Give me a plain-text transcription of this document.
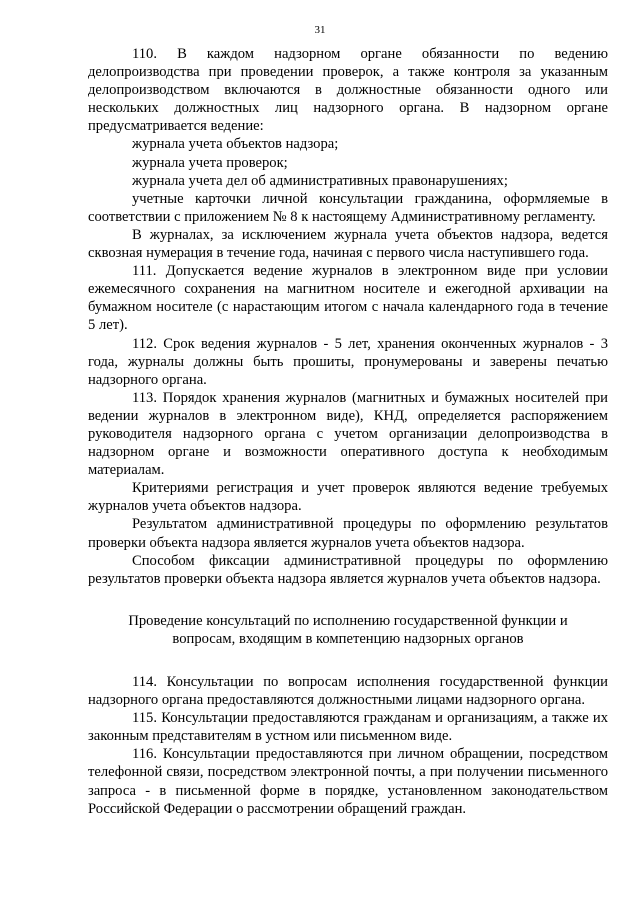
31

110. В каждом надзорном органе обязанности по ведению делопроизводства при проведении проверок, а также контроля за указанным делопроизводством включаются в должностные обязанности одного или нескольких должностных лиц надзорного органа. В надзорном органе предусматривается ведение:

журнала учета объектов надзора;

журнала учета проверок;

журнала учета дел об административных правонарушениях;

учетные карточки личной консультации гражданина, оформляемые в соответствии с приложением № 8 к настоящему Административному регламенту.

В журналах, за исключением журнала учета объектов надзора, ведется сквозная нумерация в течение года, начиная с первого числа наступившего года.

111. Допускается ведение журналов в электронном виде при условии ежемесячного сохранения на магнитном носителе и ежегодной архивации на бумажном носителе (с нарастающим итогом с начала календарного года в течение 5 лет).

112. Срок ведения журналов - 5 лет, хранения оконченных журналов - 3 года, журналы должны быть прошиты, пронумерованы и заверены печатью надзорного органа.

113. Порядок хранения журналов (магнитных и бумажных носителей при ведении журналов в электронном виде), КНД, определяется распоряжением руководителя надзорного органа с учетом организации делопроизводства в надзорном органе и возможности оперативного доступа к необходимым материалам.

Критериями регистрация и учет проверок являются ведение требуемых журналов учета объектов надзора.

Результатом административной процедуры по оформлению результатов проверки объекта надзора является журналов учета объектов надзора.

Способом фиксации административной процедуры по оформлению результатов проверки объекта надзора является журналов учета объектов надзора.

Проведение консультаций по исполнению государственной функции и вопросам, входящим в компетенцию надзорных органов

114. Консультации по вопросам исполнения государственной функции надзорного органа предоставляются должностными лицами надзорного органа.

115. Консультации предоставляются гражданам и организациям, а также их законным представителям в устном или письменном виде.

116. Консультации предоставляются при личном обращении, посредством телефонной связи, посредством электронной почты, а при получении письменного запроса - в письменной форме в порядке, установленном законодательством Российской Федерации о рассмотрении обращений граждан.
